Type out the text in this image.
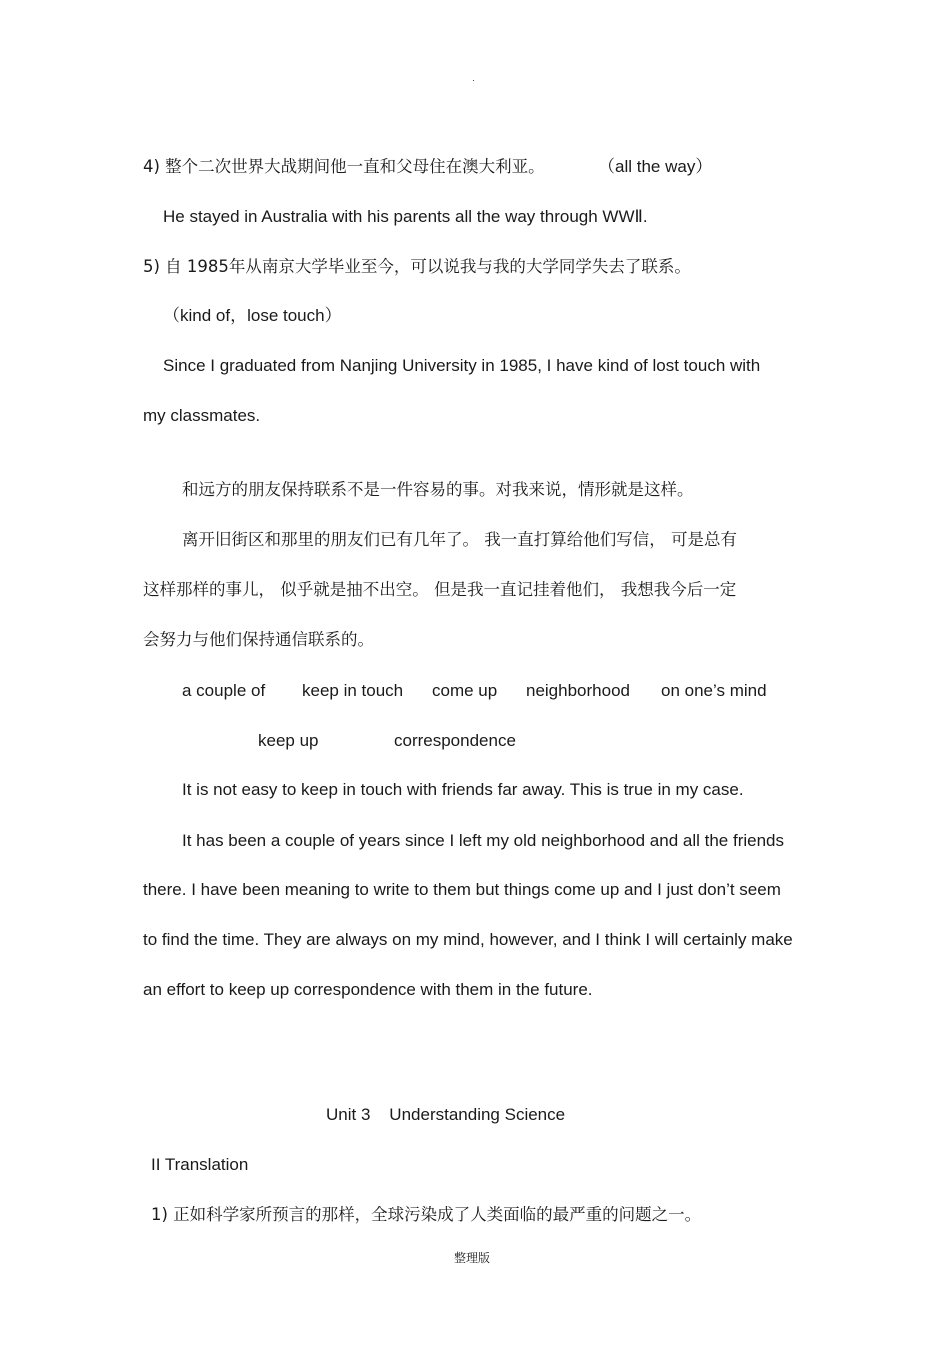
·
4) 整个二次世界大战期间他一直和父母住在澳大利亚。	（all the way）
He stayed in Australia with his parents all the way through WWⅡ.
5) 自 1985年从南京大学毕业至今，可以说我与我的大学同学失去了联系。
（kind of，lose touch）
Since I graduated from Nanjing University in 1985, I have kind of lost touch with
my classmates.
和远方的朋友保持联系不是一件容易的事。对我来说，情形就是这样。
离开旧街区和那里的朋友们已有几年了。 我一直打算给他们写信， 可是总有
这样那样的事儿， 似乎就是抽不出空。 但是我一直记挂着他们， 我想我今后一定
会努力与他们保持通信联系的。
a couple of keep in touch come up neighborhood on one’s mind
keep up	correspondence
It is not easy to keep in touch with friends far away. This is true in my case.
It has been a couple of years since I left my old neighborhood and all the friends
there. I have been meaning to write to them but things come up and I just don’t seem
to find the time. They are always on my mind, however, and I think I will certainly make
an effort to keep up correspondence with them in the future.
Unit 3    Understanding Science
II Translation
1) 正如科学家所预言的那样，全球污染成了人类面临的最严重的问题之一。
整理版
